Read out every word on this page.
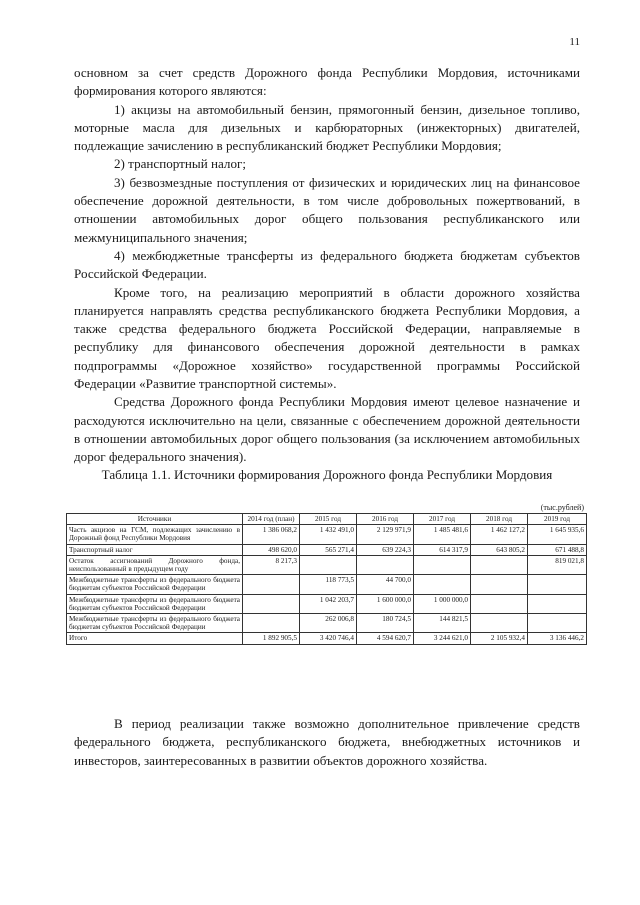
11

основном за счет средств Дорожного фонда Республики Мордовия, источниками формирования которого являются:

1) акцизы на автомобильный бензин, прямогонный бензин, дизельное топливо, моторные масла для дизельных и карбюраторных (инжекторных) двигателей, подлежащие зачислению в республиканский бюджет Республики Мордовия;

2) транспортный налог;

3) безвозмездные поступления от физических и юридических лиц на финансовое обеспечение дорожной деятельности, в том числе добровольных пожертвований, в отношении автомобильных дорог общего пользования республиканского или межмуниципального значения;

4) межбюджетные трансферты из федерального бюджета бюджетам субъектов Российской Федерации.

Кроме того, на реализацию мероприятий в области дорожного хозяйства планируется направлять средства республиканского бюджета Республики Мордовия, а также средства федерального бюджета Российской Федерации, направляемые в республику для финансового обеспечения дорожной деятельности в рамках подпрограммы «Дорожное хозяйство» государственной программы Российской Федерации «Развитие транспортной системы».

Средства Дорожного фонда Республики Мордовия имеют целевое назначение и расходуются исключительно на цели, связанные с обеспечением дорожной деятельности в отношении автомобильных дорог общего пользования (за исключением автомобильных дорог федерального значения).

Таблица 1.1. Источники формирования Дорожного фонда Республики Мордовия
(тыс.рублей)
Источники	2014 год (план)	2015 год	2016 год	2017 год	2018 год	2019 год
Часть акцизов на ГСМ, подлежащих зачислению в Дорожный фонд Республики Мордовия	1 386 068,2	1 432 491,0	2 129 971,9	1 485 481,6	1 462 127,2	1 645 935,6
Транспортный налог	498 620,0	565 271,4	639 224,3	614 317,9	643 805,2	671 488,8
Остаток ассигнований Дорожного фонда, неиспользованный в предыдущем году	8 217,3					819 021,8
Межбюджетные трансферты из федерального бюджета бюджетам субъектов Российской Федерации		118 773,5	44 700,0			
Межбюджетные трансферты из федерального бюджета бюджетам субъектов Российской Федерации		1 042 203,7	1 600 000,0	1 000 000,0		
Межбюджетные трансферты из федерального бюджета бюджетам субъектов Российской Федерации		262 006,8	180 724,5	144 821,5		
Итого	1 892 905,5	3 420 746,4	4 594 620,7	3 244 621,0	2 105 932,4	3 136 446,2

В период реализации также возможно дополнительное привлечение средств федерального бюджета, республиканского бюджета, внебюджетных источников и инвесторов, заинтересованных в развитии объектов дорожного хозяйства.
